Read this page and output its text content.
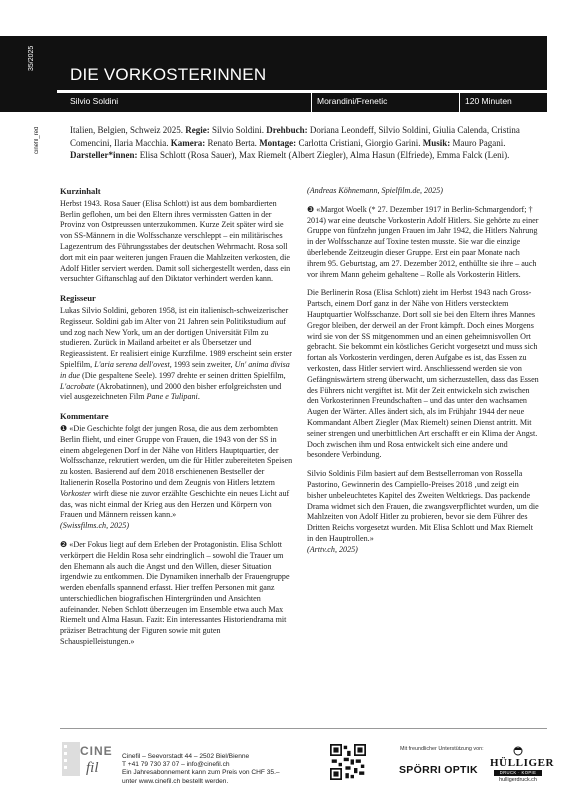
35/2025
cinefil_red
DIE VORKOSTERINNEN
Silvio Soldini	Morandini/Frenetic	120 Minuten
Italien, Belgien, Schweiz 2025. Regie: Silvio Soldini. Drehbuch: Doriana Leondeff, Silvio Soldini, Giulia Calenda, Cristina Comencini, Ilaria Macchia. Kamera: Renato Berta. Montage: Carlotta Cristiani, Giorgio Garini. Musik: Mauro Pagani. Darsteller*innen: Elisa Schlott (Rosa Sauer), Max Riemelt (Albert Ziegler), Alma Hasun (Elfriede), Emma Falck (Leni).
Kurzinhalt

Herbst 1943. Rosa Sauer (Elisa Schlott) ist aus dem bombardierten Berlin geflohen, um bei den Eltern ihres vermissten Gatten in der Provinz von Ostpreussen unterzukommen. Kurze Zeit später wird sie von SS-Männern in die Wolfsschanze verschleppt – ein militärisches Lagezentrum des Führungsstabes der deutschen Wehrmacht. Rosa soll dort mit ein paar weiteren jungen Frauen die Mahlzeiten verkosten, die Adolf Hitler serviert werden. Damit soll sichergestellt werden, dass ein versuchter Giftanschlag auf den Diktator verhindert werden kann.

Regisseur

Lukas Silvio Soldini, geboren 1958, ist ein italienisch-schweizerischer Regisseur. Soldini gab im Alter von 21 Jahren sein Politikstudium auf und zog nach New York, um an der dortigen Universität Film zu studieren. Zurück in Mailand arbeitet er als Übersetzer und Regieassistent. Er realisiert einige Kurzfilme. 1989 erscheint sein erster Spielfilm, L'aria serena dell'ovest, 1993 sein zweiter, Un' anima divisa in due (Die gespaltene Seele). 1997 drehte er seinen dritten Spielfilm, L'acrobate (Akrobatinnen), und 2000 den bisher erfolgreichsten und viel ausgezeichneten Film Pane e Tulipani.

Kommentare

❶ «Die Geschichte folgt der jungen Rosa, die aus dem zerbombten Berlin flieht, und einer Gruppe von Frauen, die 1943 von der SS in einem abgelegenen Dorf in der Nähe von Hitlers Hauptquartier, der Wolfsschanze, rekrutiert werden, um die für Hitler zubereiteten Speisen zu kosten. Basierend auf dem 2018 erschienenen Bestseller der Italienerin Rosella Postorino und dem Zeugnis von Hitlers letztem Vorkoster wirft diese nie zuvor erzählte Geschichte ein neues Licht auf das, was nicht einmal der Krieg aus den Herzen und Körpern von Frauen und Männern reissen kann.»
(Swissfilms.ch, 2025)

❷ «Der Fokus liegt auf dem Erleben der Protagonistin. Elisa Schlott verkörpert die Heldin Rosa sehr eindringlich – sowohl die Trauer um den Ehemann als auch die Angst und den Willen, dieser Situation irgendwie zu entkommen. Die Dynamiken innerhalb der Frauengruppe werden ebenfalls spannend erfasst. Hier treffen Personen mit ganz unterschiedlichen biografischen Hintergründen und Ansichten aufeinander. Neben Schlott überzeugen im Ensemble etwa auch Max Riemelt und Alma Hasun. Fazit: Ein interessantes Historiendrama mit präziser Betrachtung der Figuren sowie mit guten Schauspielleistungen.»

(Andreas Köhnemann, Spielfilm.de, 2025)

❸ «Margot Woelk (* 27. Dezember 1917 in Berlin-Schmargendorf; † 2014) war eine deutsche Vorkosterin Adolf Hitlers. Sie gehörte zu einer Gruppe von fünfzehn jungen Frauen im Jahr 1942, die Hitlers Nahrung in der Wolfsschanze auf Toxine testen musste. Sie war die einzige überlebende Zeitzeugin dieser Gruppe. Erst ein paar Monate nach ihrem 95. Geburtstag, am 27. Dezember 2012, enthüllte sie ihre – auch vor ihrem Mann geheim gehaltene – Rolle als Vorkosterin Hitlers.

Die Berlinerin Rosa (Elisa Schlott) zieht im Herbst 1943 nach Gross-Partsch, einem Dorf ganz in der Nähe von Hitlers verstecktem Hauptquartier Wolfsschanze. Dort soll sie bei den Eltern ihres Mannes Gregor bleiben, der derweil an der Front kämpft. Doch eines Morgens wird sie von der SS mitgenommen und an einen geheimnisvollen Ort gebracht. Sie bekommt ein köstliches Gericht vorgesetzt und muss sich fortan als Vorkosterin verdingen, deren Aufgabe es ist, das Essen zu verkosten, dass Hitler serviert wird. Anschliessend werden sie von Gefängniswärtern streng überwacht, um sicherzustellen, dass das Essen des Führers nicht vergiftet ist. Mit der Zeit entwickeln sich zwischen den Vorkosterinnen Freundschaften – und das unter den wachsamen Augen der Wärter. Alles ändert sich, als im Frühjahr 1944 der neue Kommandant Albert Ziegler (Max Riemelt) seinen Dienst antritt. Mit seiner strengen und unerbittlichen Art erschafft er ein Klima der Angst. Doch zwischen ihm und Rosa entwickelt sich eine andere und besondere Verbindung.

Silvio Soldinis Film basiert auf dem Bestsellerroman von Rossella Pastorino, Gewinnerin des Campiello-Preises 2018 ‚und zeigt ein bisher unbeleuchtetes Kapitel des Zweiten Weltkriegs. Das packende Drama widmet sich den Frauen, die zwangsverpflichtet wurden, um die Mahlzeiten von Adolf Hitler zu probieren, bevor sie dem Führer des Dritten Reichs vorgesetzt wurden. Mit Elisa Schlott und Max Riemelt in den Hauptrollen.»
(Arttv.ch, 2025)

CINE
fil
Cinefil – Seevorstadt 44 – 2502 Biel/Bienne
T +41 79 730 37 07 – info@cinefil.ch
Ein Jahresabonnement kann zum Preis von CHF 35.–
unter www.cinefil.ch bestellt werden.
Mit freundlicher Unterstützung von:
SPÖRRI OPTIK
HÜLLIGER
DRUCK · KOPIE
hulligerdruck.ch
